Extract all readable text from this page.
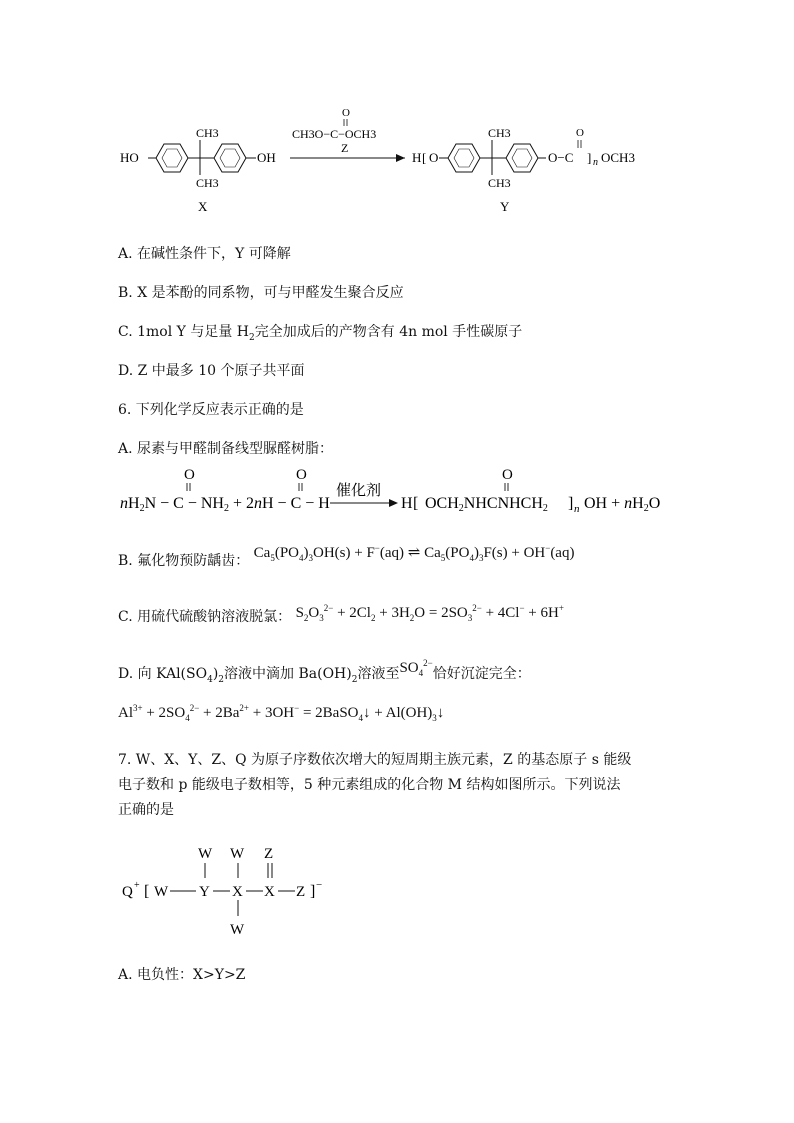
HO
CH3
CH3
OH
X
O
CH3O−C−OCH3
Z
H [ O
CH3
CH3
O−C
O
] n OCH3
Y
A. 在碱性条件下，Y 可降解
B. X 是苯酚的同系物，可与甲醛发生聚合反应
C. 1mol Y 与足量 $H_2$完全加成后的产物含有 4n mol 手性碳原子
D. Z 中最多 10 个原子共平面
6. 下列化学反应表示正确的是
A. 尿素与甲醛制备线型脲醛树脂：
O
nH2N − C − NH2 + 2nH − C − H
O
催化剂
H [ OCH2NHCNHCH2
O
] n OH + nH2O
B. 氟化物预防龋齿： $Ca_5(PO_4)_3OH(s) + F^-(aq)$ ⇌ $Ca_5(PO_4)_3F(s) + OH^-(aq)$
C. 用硫代硫酸钠溶液脱氯： $S_2O_3^{2-} + 2Cl_2 + 3H_2O = 2SO_3^{2-} + 4Cl^- + 6H^+$
D. 向 $KAl(SO_4)_2$溶液中滴加 $Ba(OH)_2$溶液至$SO_4^{2-}$恰好沉淀完全：
$Al^{3+} + 2SO_4^{2-} + 2Ba^{2+} + 3OH^-$ = 2BaSO$_4$↓ + $Al(OH)_3↓$
7. W、X、Y、Z、Q 为原子序数依次增大的短周期主族元素，Z 的基态原子 s 能级
电子数和 p 能级电子数相等，5 种元素组成的化合物 M 结构如图所示。下列说法
正确的是
Q + [ W
W
Y
W
X
W
Z
X Z ] −
A. 电负性：X>Y>Z
